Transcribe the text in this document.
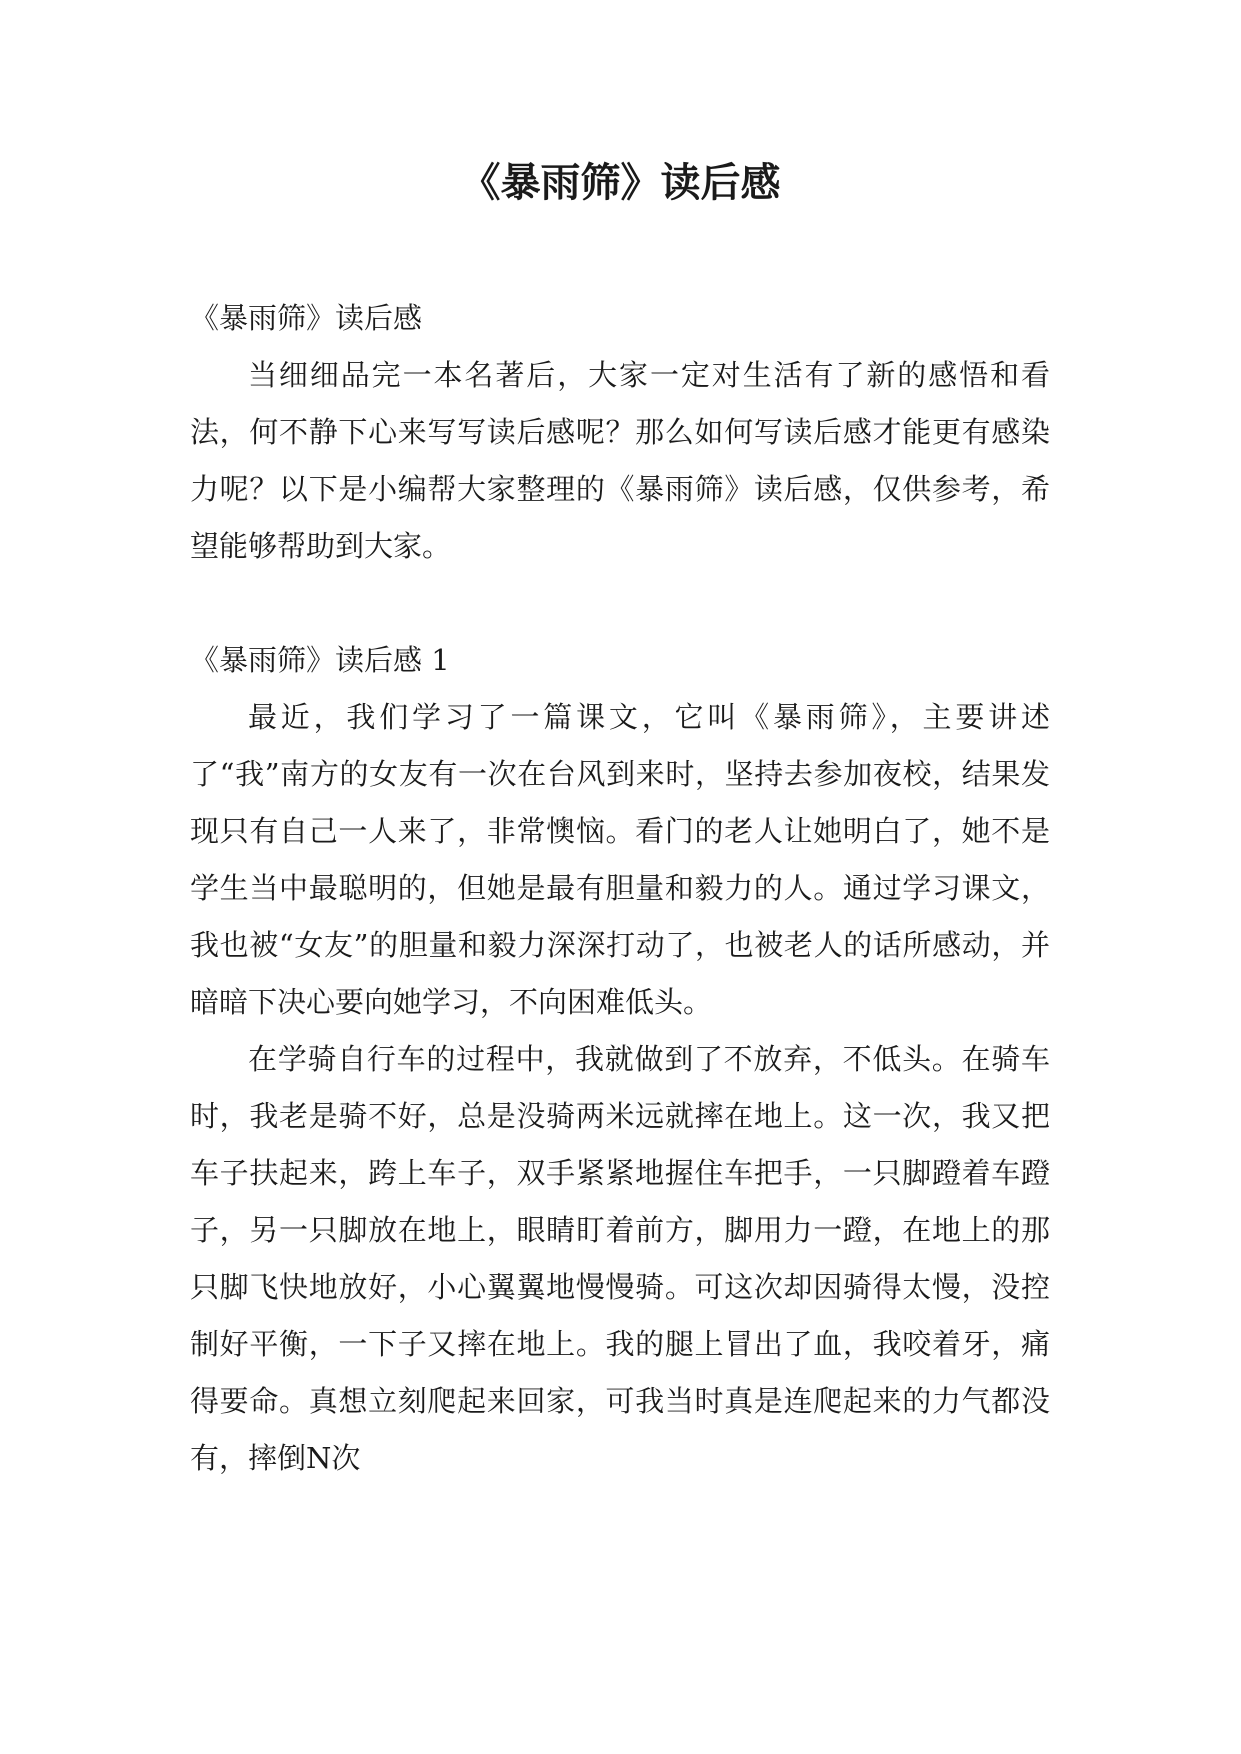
《暴雨筛》读后感

《暴雨筛》读后感

当细细品完一本名著后，大家一定对生活有了新的感悟和看法，何不静下心来写写读后感呢？那么如何写读后感才能更有感染力呢？以下是小编帮大家整理的《暴雨筛》读后感，仅供参考，希望能够帮助到大家。

《暴雨筛》读后感 1

最近，我们学习了一篇课文，它叫《暴雨筛》，主要讲述了“我”南方的女友有一次在台风到来时，坚持去参加夜校，结果发现只有自己一人来了，非常懊恼。看门的老人让她明白了，她不是学生当中最聪明的，但她是最有胆量和毅力的人。通过学习课文，我也被“女友”的胆量和毅力深深打动了，也被老人的话所感动，并暗暗下决心要向她学习，不向困难低头。

在学骑自行车的过程中，我就做到了不放弃，不低头。在骑车时，我老是骑不好，总是没骑两米远就摔在地上。这一次，我又把车子扶起来，跨上车子，双手紧紧地握住车把手，一只脚蹬着车蹬子，另一只脚放在地上，眼睛盯着前方，脚用力一蹬，在地上的那只脚飞快地放好，小心翼翼地慢慢骑。可这次却因骑得太慢，没控制好平衡，一下子又摔在地上。我的腿上冒出了血，我咬着牙，痛得要命。真想立刻爬起来回家，可我当时真是连爬起来的力气都没有，摔倒N次
